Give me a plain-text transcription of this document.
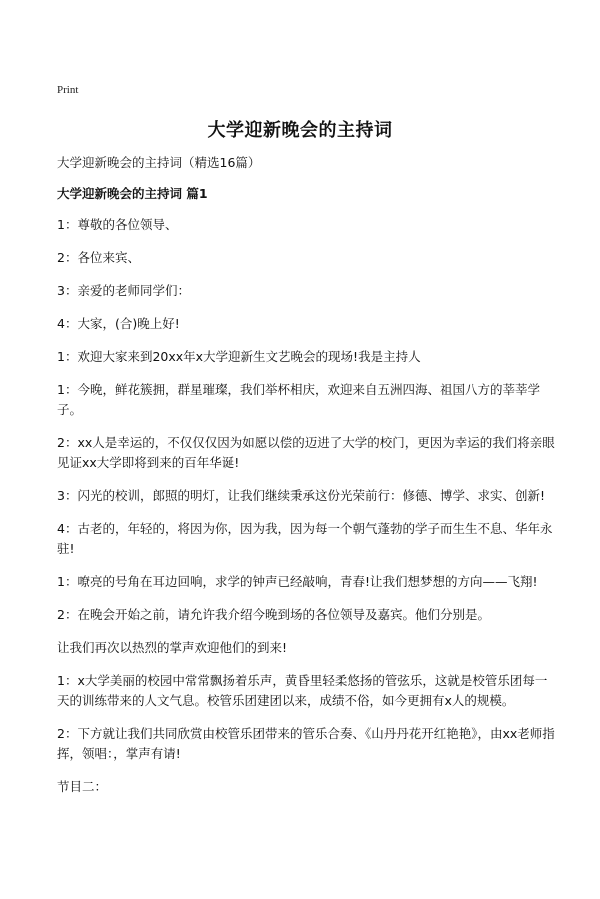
Print
大学迎新晚会的主持词

大学迎新晚会的主持词（精选16篇）

大学迎新晚会的主持词 篇1

1：尊敬的各位领导、

2：各位来宾、

3：亲爱的老师同学们：

4：大家，(合)晚上好!

1：欢迎大家来到20xx年x大学迎新生文艺晚会的现场!我是主持人

1：今晚，鲜花簇拥，群星璀璨，我们举杯相庆，欢迎来自五洲四海、祖国八方的莘莘学子。

2：xx人是幸运的，不仅仅仅因为如愿以偿的迈进了大学的校门，更因为幸运的我们将亲眼见证xx大学即将到来的百年华诞!

3：闪光的校训，郎照的明灯，让我们继续秉承这份光荣前行：修德、博学、求实、创新!

4：古老的，年轻的，将因为你，因为我，因为每一个朝气蓬勃的学子而生生不息、华年永驻!

1：嘹亮的号角在耳边回响，求学的钟声已经敲响，青春!让我们想梦想的方向——飞翔!

2：在晚会开始之前，请允许我介绍今晚到场的各位领导及嘉宾。他们分别是。

让我们再次以热烈的掌声欢迎他们的到来!

1：x大学美丽的校园中常常飘扬着乐声，黄昏里轻柔悠扬的管弦乐，这就是校管乐团每一天的训练带来的人文气息。校管乐团建团以来，成绩不俗，如今更拥有x人的规模。

2：下方就让我们共同欣赏由校管乐团带来的管乐合奏、《山丹丹花开红艳艳》，由xx老师指挥，领唱：，掌声有请!

节目二：
